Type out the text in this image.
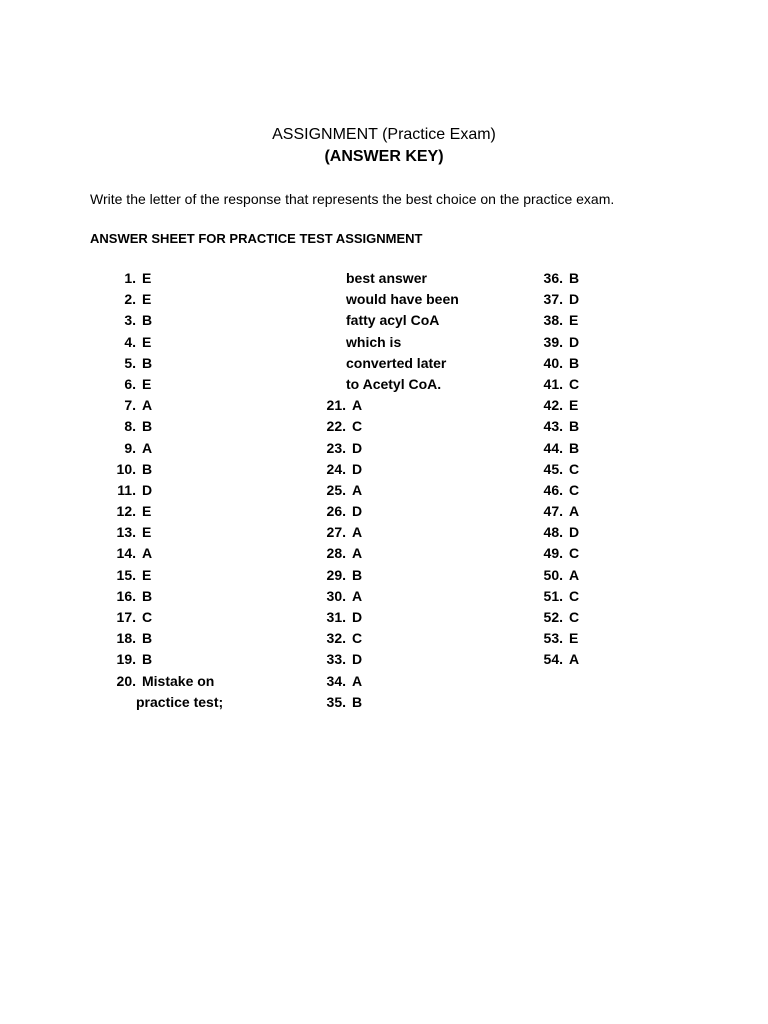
ASSIGNMENT (Practice Exam)
(ANSWER KEY)
Write the letter of the response that represents the best choice on the practice exam.
ANSWER SHEET FOR PRACTICE TEST ASSIGNMENT
1. E
2. E
3. B
4. E
5. B
6. E
7. A
8. B
9. A
10. B
11. D
12. E
13. E
14. A
15. E
16. B
17. C
18. B
19. B
20. Mistake on
practice test;
best answer
would have been
fatty acyl CoA
which is
converted later
to Acetyl CoA.
21. A
22. C
23. D
24. D
25. A
26. D
27. A
28. A
29. B
30. A
31. D
32. C
33. D
34. A
35. B
36. B
37. D
38. E
39. D
40. B
41. C
42. E
43. B
44. B
45. C
46. C
47. A
48. D
49. C
50. A
51. C
52. C
53. E
54. A
